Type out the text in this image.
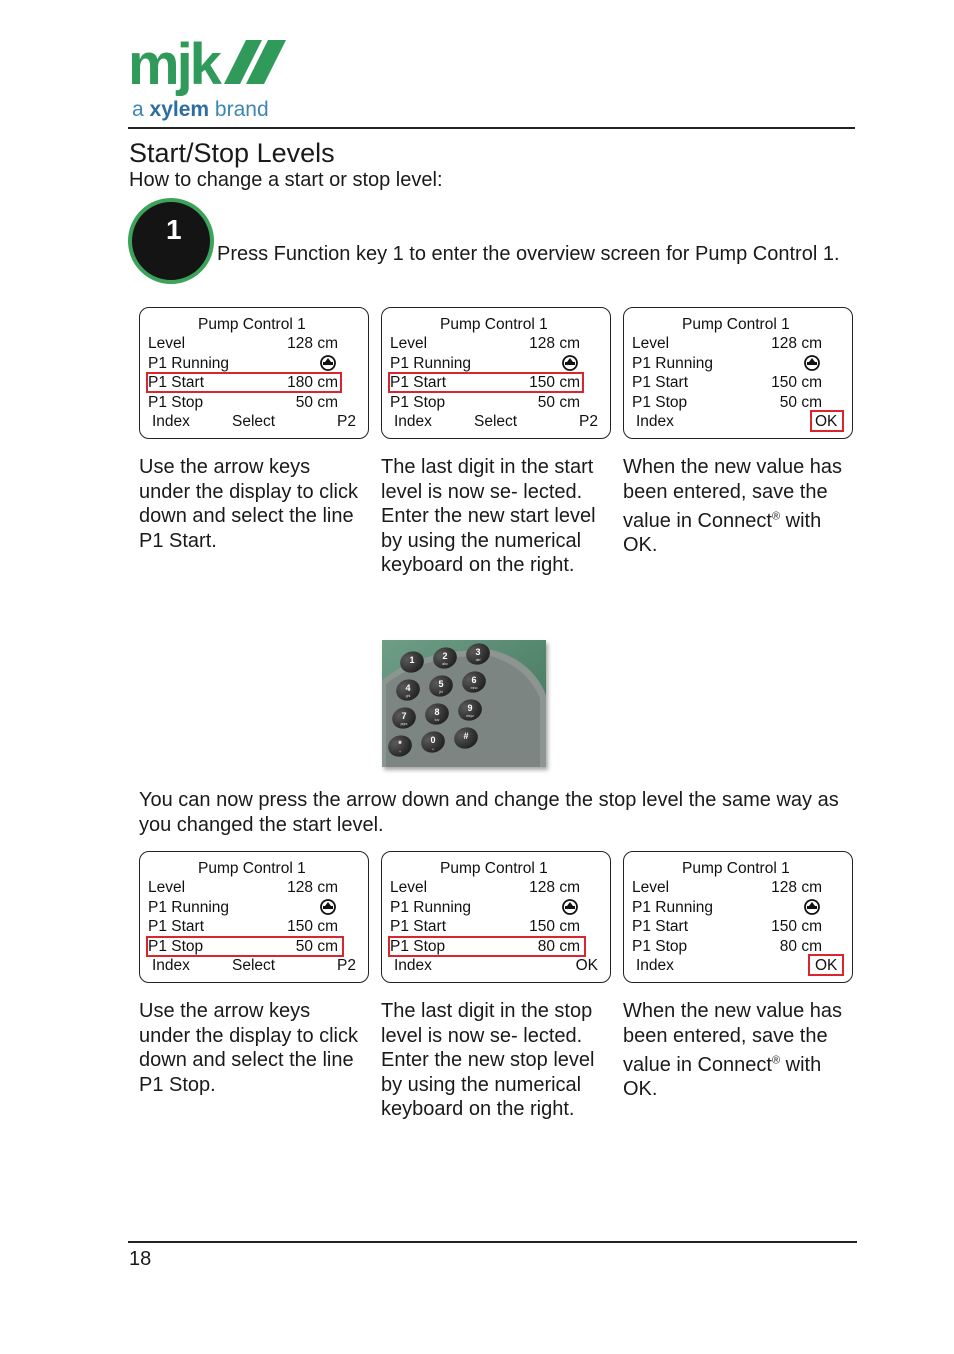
mjk
a xylem brand
Start/Stop Levels
How to change a start or stop level:
1
Press Function key 1 to enter the overview screen for Pump Control 1.
Pump Control 1
Level	128 cm
P1 Running
P1 Start	180 cm
P1 Stop	50 cm
Index	Select	P2
Pump Control 1
Level	128 cm
P1 Running
P1 Start	150 cm
P1 Stop	50 cm
Index	Select	P2
Pump Control 1
Level	128 cm
P1 Running
P1 Start	150 cm
P1 Stop	50 cm
Index	OK
Use the arrow keys under the display to click down and select the line P1 Start.
The last digit in the start level is now se- lected. Enter the new start level by using the numerical keyboard on the right.
When the new value has been entered, save the value in Connect® with OK.
1	2
abc
3
def
4
ghi
5
jkl
6
mno
7
pqrs
8
tuv
9
wxyz
*
+
0
␣
#
You can now press the arrow down and change the stop level the same way as you changed the start level.
Pump Control 1
Level	128 cm
P1 Running
P1 Start	150 cm
P1 Stop	50 cm
Index	Select	P2
Pump Control 1
Level	128 cm
P1 Running
P1 Start	150 cm
P1 Stop	80 cm
Index	OK
Pump Control 1
Level	128 cm
P1 Running
P1 Start	150 cm
P1 Stop	80 cm
Index	OK
Use the arrow keys under the display to click down and select the line P1 Stop.
The last digit in the stop level is now se- lected. Enter the new stop level by using the numerical keyboard on the right.
When the new value has been entered, save the value in Connect® with OK.
18
